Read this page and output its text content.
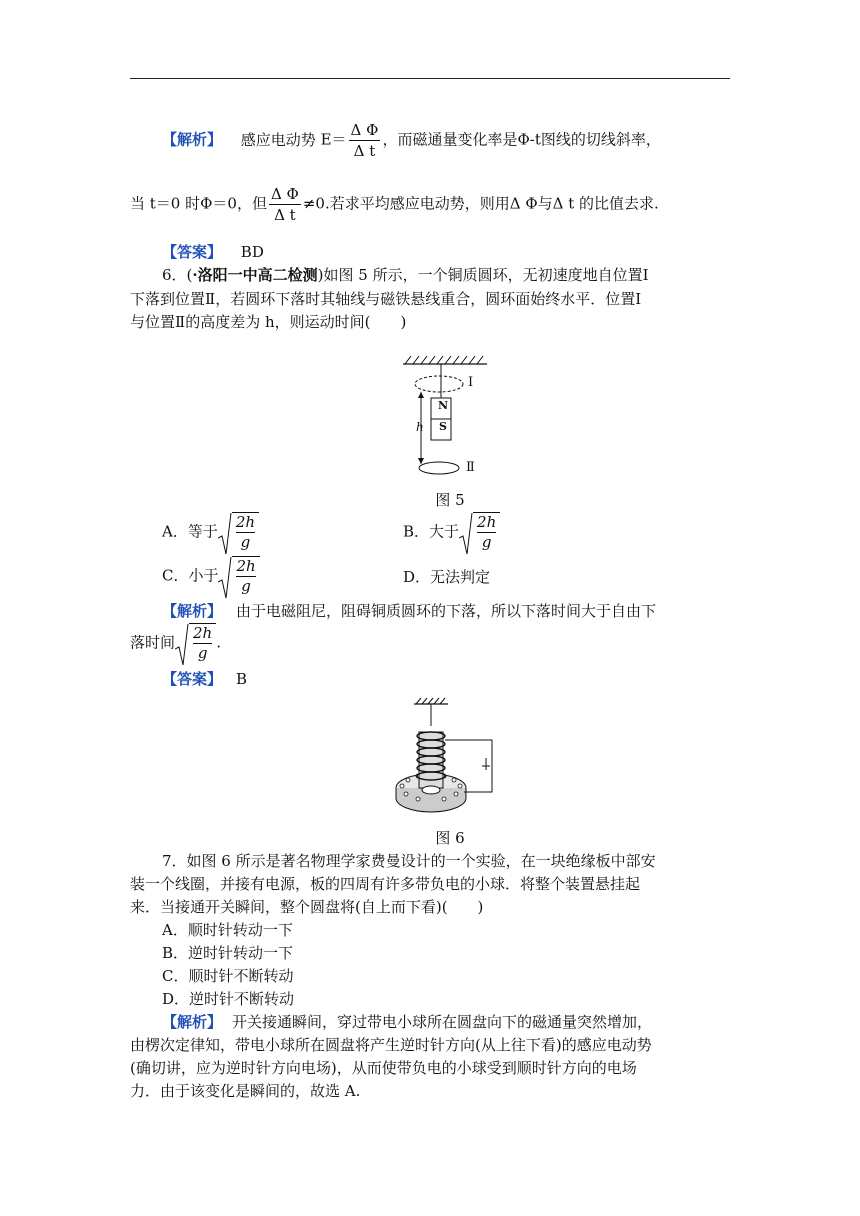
【解析】 感应电动势 $E= \frac{\text{Δ Φ}}{\text{Δ t}}$ ，而磁通量变化率是Φ-t图线的切线斜率，
当 t＝0 时Φ＝0，但 $\frac{\text{Δ Φ}}{\text{Δ t}} \ne 0$.若求平均感应电动势，则用Δ Φ与Δ t 的比值去求.
【答案】 BD
6．(·洛阳一中高二检测)如图 5 所示，一个铜质圆环，无初速度地自位置Ⅰ
下落到位置Ⅱ，若圆环下落时其轴线与磁铁悬线重合，圆环面始终水平．位置Ⅰ
与位置Ⅱ的高度差为 h，则运动时间(　　)
N
S
h
Ⅰ
Ⅱ
图 5
A．等于 $\frac{2h}{g}$	B．大于 $\frac{2h}{g}$
C．小于 $\frac{2h}{g}$	D．无法判定
【解析】 由于电磁阻尼，阻碍铜质圆环的下落，所以下落时间大于自由下
落时间 $\frac{2h}{g}$ .
【答案】 B
图 6
7．如图 6 所示是著名物理学家费曼设计的一个实验，在一块绝缘板中部安
装一个线圈，并接有电源，板的四周有许多带负电的小球．将整个装置悬挂起
来．当接通开关瞬间，整个圆盘将(自上而下看)(　　)
A．顺时针转动一下
B．逆时针转动一下
C．顺时针不断转动
D．逆时针不断转动
【解析】 开关接通瞬间，穿过带电小球所在圆盘向下的磁通量突然增加，
由楞次定律知，带电小球所在圆盘将产生逆时针方向(从上往下看)的感应电动势
(确切讲，应为逆时针方向电场)，从而使带负电的小球受到顺时针方向的电场
力．由于该变化是瞬间的，故选 A.
